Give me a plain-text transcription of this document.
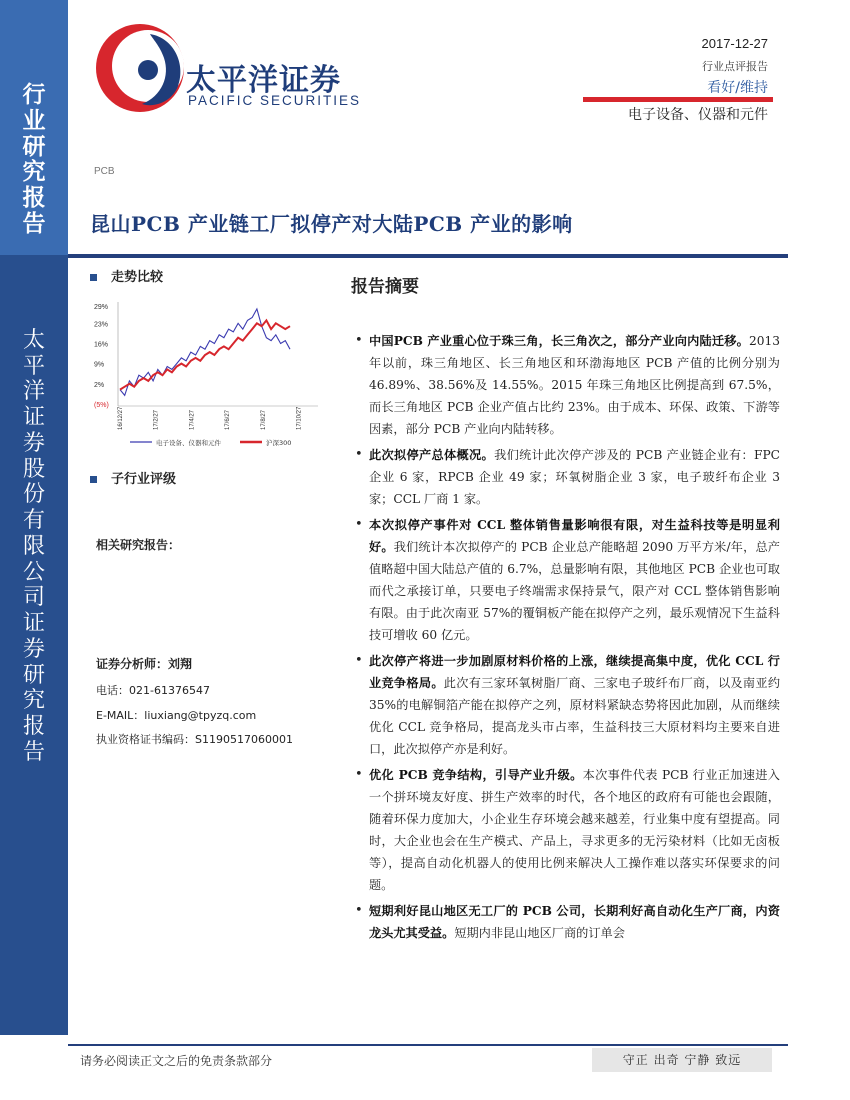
行
业
研
究
报
告
太
平
洋
证
券
股
份
有
限
公
司
证
券
研
究
报
告
太平洋证券
PACIFIC SECURITIES
2017-12-27
行业点评报告
看好/维持
电子设备、仪器和元件
PCB
昆山PCB 产业链工厂拟停产对大陆PCB 产业的影响
走势比较
29%
23%
16%
9%
2%
(5%)
16/12/27	17/2/27	17/4/27	17/6/27	17/8/27	17/10/27
电子设备、仪器和元件	沪深300
子行业评级
相关研究报告：
证券分析师：刘翔
电话：021-61376547
E-MAIL：liuxiang@tpyzq.com
执业资格证书编码：S1190517060001
报告摘要
• 中国PCB 产业重心位于珠三角，长三角次之，部分产业向内陆迁移。2013 年以前，珠三角地区、长三角地区和环渤海地区 PCB 产值的比例分别为 46.89%、38.56%及 14.55%。2015 年珠三角地区比例提高到 67.5%，而长三角地区 PCB 企业产值占比约 23%。由于成本、环保、政策、下游等因素，部分 PCB 产业向内陆转移。
• 此次拟停产总体概况。我们统计此次停产涉及的 PCB 产业链企业有：FPC 企业 6 家，RPCB 企业 49 家；环氧树脂企业 3 家，电子玻纤布企业 3 家；CCL 厂商 1 家。
• 本次拟停产事件对 CCL 整体销售量影响很有限，对生益科技等是明显利好。我们统计本次拟停产的 PCB 企业总产能略超 2090 万平方米/年，总产值略超中国大陆总产值的 6.7%，总量影响有限，其他地区 PCB 企业也可取而代之承接订单，只要电子终端需求保持景气，限产对 CCL 整体销售影响有限。由于此次南亚 57%的覆铜板产能在拟停产之列，最乐观情况下生益科技可增收 60 亿元。
• 此次停产将进一步加剧原材料价格的上涨，继续提高集中度，优化 CCL 行业竞争格局。此次有三家环氧树脂厂商、三家电子玻纤布厂商，以及南亚约 35%的电解铜箔产能在拟停产之列，原材料紧缺态势将因此加剧，从而继续优化 CCL 竞争格局，提高龙头市占率，生益科技三大原材料均主要来自进口，此次拟停产亦是利好。
• 优化 PCB 竞争结构，引导产业升级。本次事件代表 PCB 行业正加速进入一个拼环境友好度、拼生产效率的时代，各个地区的政府有可能也会跟随，随着环保力度加大，小企业生存环境会越来越差，行业集中度有望提高。同时，大企业也会在生产模式、产品上，寻求更多的无污染材料（比如无卤板等），提高自动化机器人的使用比例来解决人工操作难以落实环保要求的问题。
• 短期利好昆山地区无工厂的 PCB 公司，长期利好高自动化生产厂商，内资龙头尤其受益。短期内非昆山地区厂商的订单会
请务必阅读正文之后的免责条款部分	守正 出奇 宁静 致远
